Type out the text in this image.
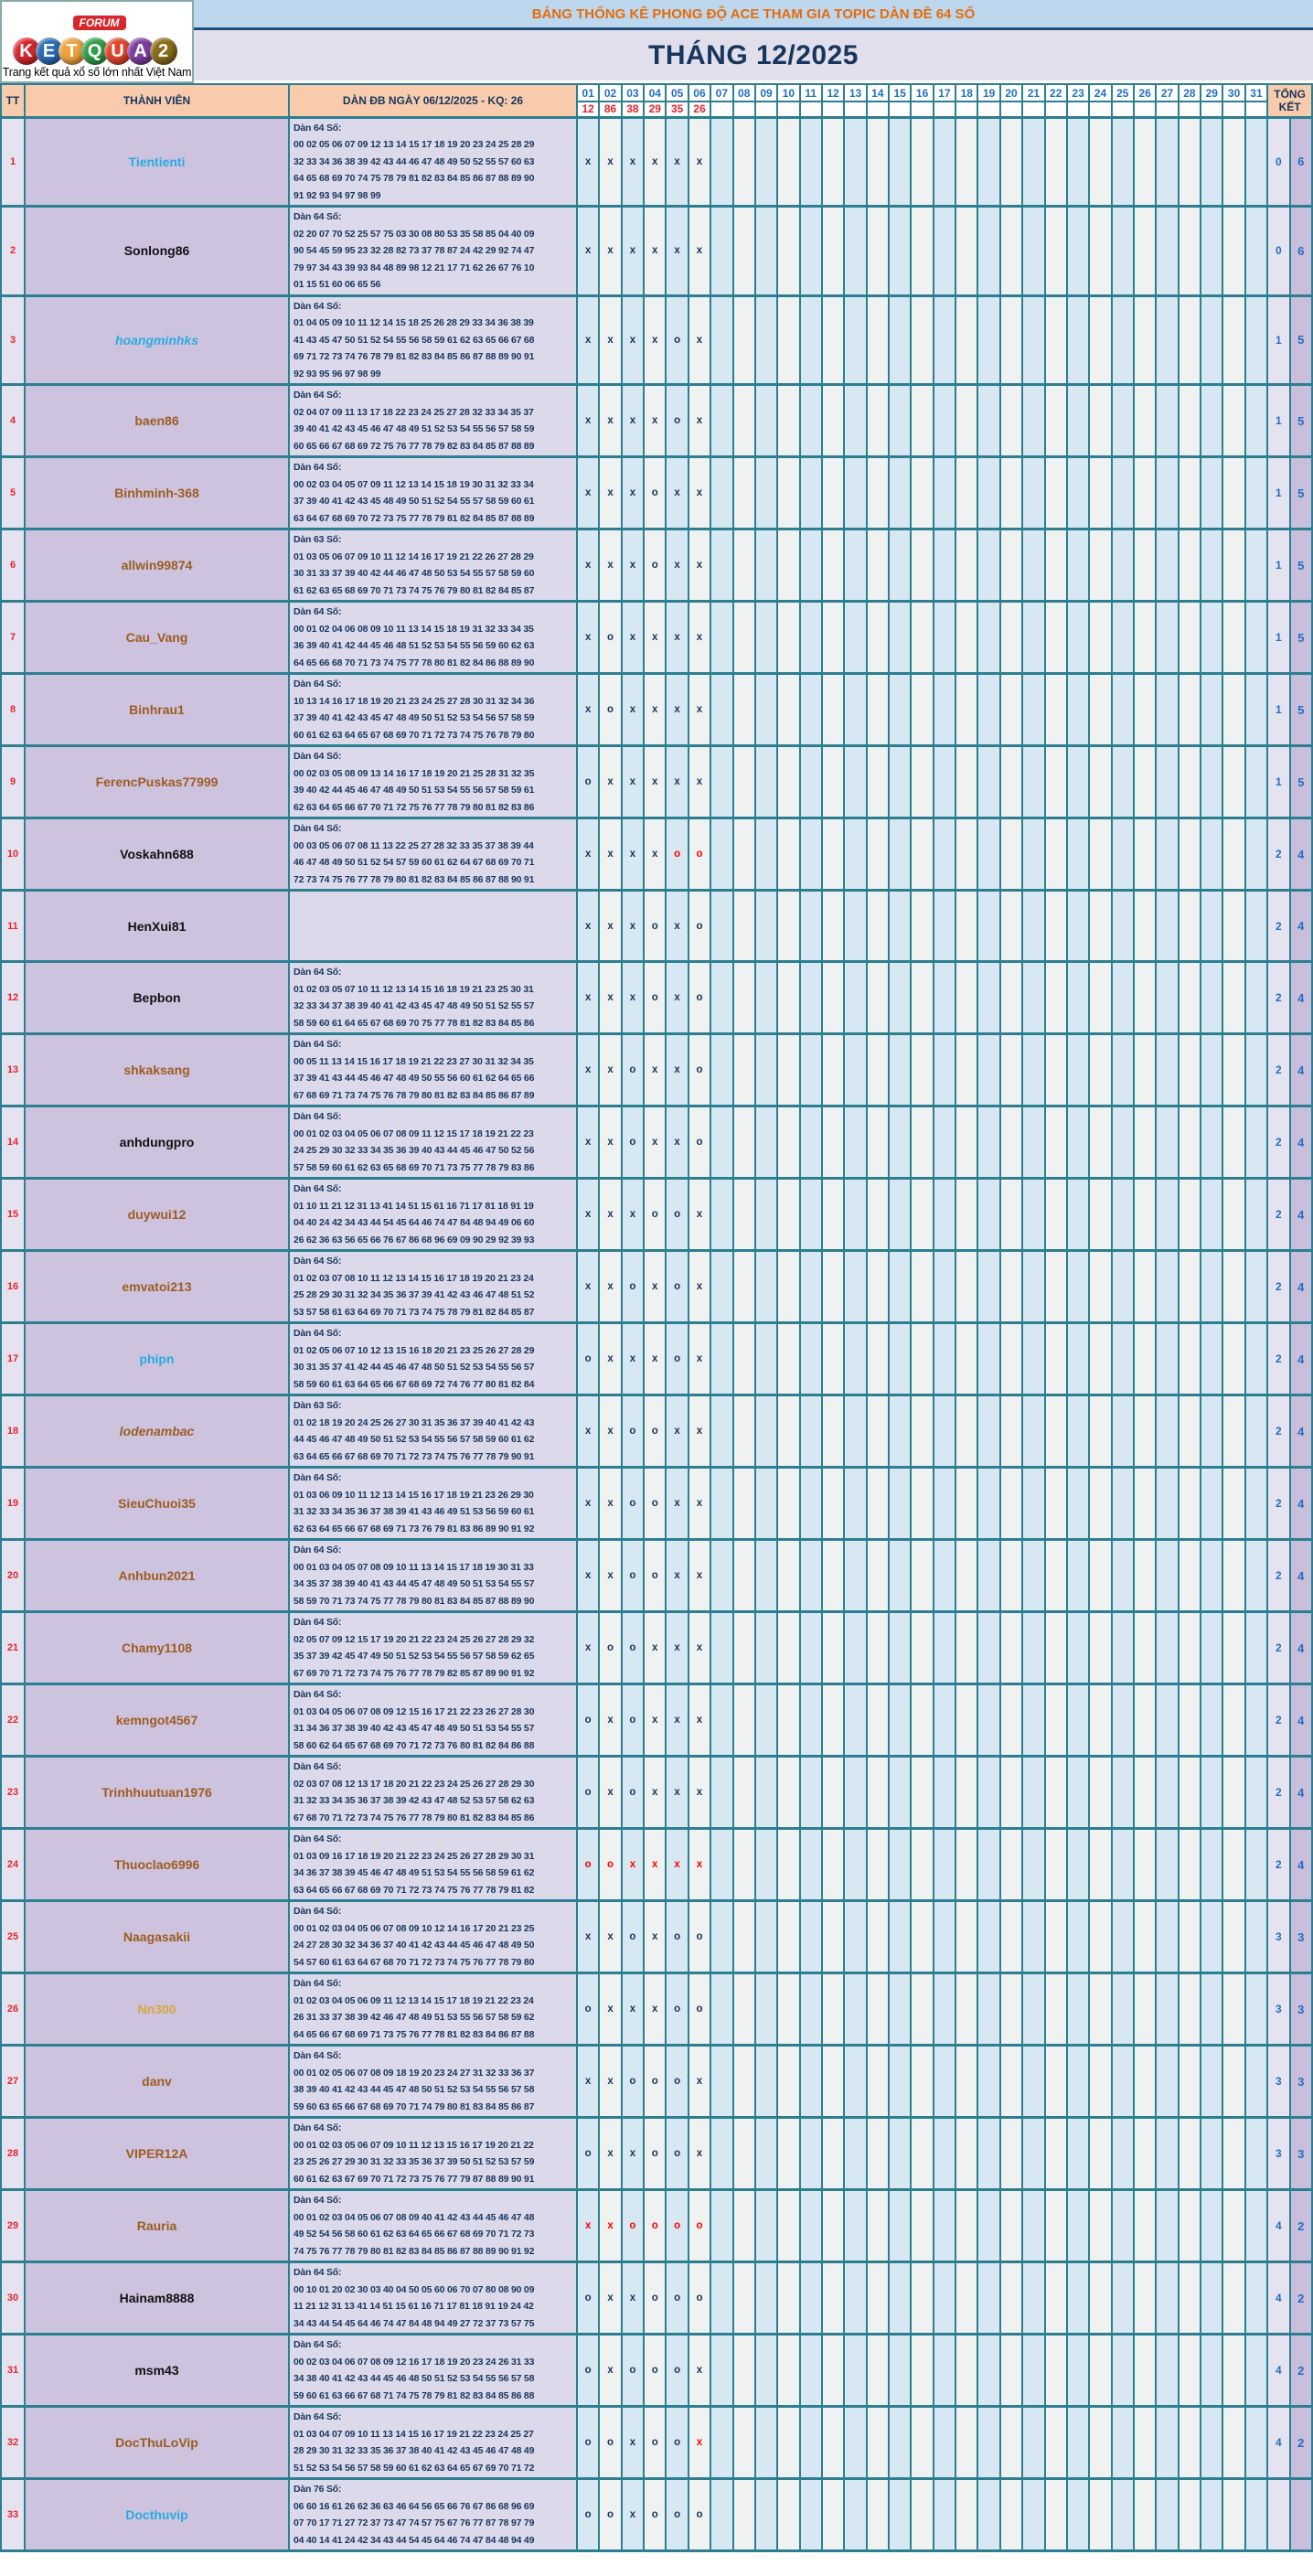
FORUM
K E T Q U A 2
Trang kết quả xổ số lớn nhất Việt Nam
BẢNG THỐNG KÊ PHONG ĐỘ ACE THAM GIA TOPIC DÀN ĐỀ 64 SỐ
THÁNG 12/2025
TT	THÀNH VIÊN	DÀN ĐB NGÀY 06/12/2025 - KQ: 26	01	02	03	04	05	06	07	08	09	10	11	12	13	14	15	16	17	18	19	20	21	22	23	24	25	26	27	28	29	30	31	TỔNG KẾT	
			12	86	38	29	35	26																											
1	Tientienti	Dàn 64 Số:
00 02 05 06 07 09 12 13 14 15 17 18 19 20 23 24 25 28 29
32 33 34 36 38 39 42 43 44 46 47 48 49 50 52 55 57 60 63
64 65 68 69 70 74 75 78 79 81 82 83 84 85 86 87 88 89 90
91 92 93 94 97 98 99	x	x	x	x	x	x																										0	6
2	Sonlong86	Dàn 64 Số:
02 20 07 70 52 25 57 75 03 30 08 80 53 35 58 85 04 40 09
90 54 45 59 95 23 32 28 82 73 37 78 87 24 42 29 92 74 47
79 97 34 43 39 93 84 48 89 98 12 21 17 71 62 26 67 76 10
01 15 51 60 06 65 56	x	x	x	x	x	x																										0	6
3	hoangminhks	Dàn 64 Số:
01 04 05 09 10 11 12 14 15 18 25 26 28 29 33 34 36 38 39
41 43 45 47 50 51 52 54 55 56 58 59 61 62 63 65 66 67 68
69 71 72 73 74 76 78 79 81 82 83 84 85 86 87 88 89 90 91
92 93 95 96 97 98 99	x	x	x	x	o	x																										1	5
4	baen86	Dàn 64 Số:
02 04 07 09 11 13 17 18 22 23 24 25 27 28 32 33 34 35 37
39 40 41 42 43 45 46 47 48 49 51 52 53 54 55 56 57 58 59
60 65 66 67 68 69 72 75 76 77 78 79 82 83 84 85 87 88 89	x	x	x	x	o	x																										1	5
5	Binhminh-368	Dàn 64 Số:
00 02 03 04 05 07 09 11 12 13 14 15 18 19 30 31 32 33 34
37 39 40 41 42 43 45 48 49 50 51 52 54 55 57 58 59 60 61
63 64 67 68 69 70 72 73 75 77 78 79 81 82 84 85 87 88 89	x	x	x	o	x	x																										1	5
6	allwin99874	Dàn 63 Số:
01 03 05 06 07 09 10 11 12 14 16 17 19 21 22 26 27 28 29
30 31 33 37 39 40 42 44 46 47 48 50 53 54 55 57 58 59 60
61 62 63 65 68 69 70 71 73 74 75 76 79 80 81 82 84 85 87	x	x	x	o	x	x																										1	5
7	Cau_Vang	Dàn 64 Số:
00 01 02 04 06 08 09 10 11 13 14 15 18 19 31 32 33 34 35
36 39 40 41 42 44 45 46 48 51 52 53 54 55 56 59 60 62 63
64 65 66 68 70 71 73 74 75 77 78 80 81 82 84 86 88 89 90	x	o	x	x	x	x																										1	5
8	Binhrau1	Dàn 64 Số:
10 13 14 16 17 18 19 20 21 23 24 25 27 28 30 31 32 34 36
37 39 40 41 42 43 45 47 48 49 50 51 52 53 54 56 57 58 59
60 61 62 63 64 65 67 68 69 70 71 72 73 74 75 76 78 79 80	x	o	x	x	x	x																										1	5
9	FerencPuskas77999	Dàn 64 Số:
00 02 03 05 08 09 13 14 16 17 18 19 20 21 25 28 31 32 35
39 40 42 44 45 46 47 48 49 50 51 53 54 55 56 57 58 59 61
62 63 64 65 66 67 70 71 72 75 76 77 78 79 80 81 82 83 86	o	x	x	x	x	x																										1	5
10	Voskahn688	Dàn 64 Số:
00 03 05 06 07 08 11 13 22 25 27 28 32 33 35 37 38 39 44
46 47 48 49 50 51 52 54 57 59 60 61 62 64 67 68 69 70 71
72 73 74 75 76 77 78 79 80 81 82 83 84 85 86 87 88 90 91	x	x	x	x	o	o																										2	4
11	HenXui81		x	x	x	o	x	o																										2	4
12	Bepbon	Dàn 64 Số:
01 02 03 05 07 10 11 12 13 14 15 16 18 19 21 23 25 30 31
32 33 34 37 38 39 40 41 42 43 45 47 48 49 50 51 52 55 57
58 59 60 61 64 65 67 68 69 70 75 77 78 81 82 83 84 85 86	x	x	x	o	x	o																										2	4
13	shkaksang	Dàn 64 Số:
00 05 11 13 14 15 16 17 18 19 21 22 23 27 30 31 32 34 35
37 39 41 43 44 45 46 47 48 49 50 55 56 60 61 62 64 65 66
67 68 69 71 73 74 75 76 78 79 80 81 82 83 84 85 86 87 89	x	x	o	x	x	o																										2	4
14	anhdungpro	Dàn 64 Số:
00 01 02 03 04 05 06 07 08 09 11 12 15 17 18 19 21 22 23
24 25 29 30 32 33 34 35 36 39 40 43 44 45 46 47 50 52 56
57 58 59 60 61 62 63 65 68 69 70 71 73 75 77 78 79 83 86	x	x	o	x	x	o																										2	4
15	duywui12	Dàn 64 Số:
01 10 11 21 12 31 13 41 14 51 15 61 16 71 17 81 18 91 19
04 40 24 42 34 43 44 54 45 64 46 74 47 84 48 94 49 06 60
26 62 36 63 56 65 66 76 67 86 68 96 69 09 90 29 92 39 93	x	x	x	o	o	x																										2	4
16	emvatoi213	Dàn 64 Số:
01 02 03 07 08 10 11 12 13 14 15 16 17 18 19 20 21 23 24
25 28 29 30 31 32 34 35 36 37 39 41 42 43 46 47 48 51 52
53 57 58 61 63 64 69 70 71 73 74 75 78 79 81 82 84 85 87	x	x	o	x	o	x																										2	4
17	phipn	Dàn 64 Số:
01 02 05 06 07 10 12 13 15 16 18 20 21 23 25 26 27 28 29
30 31 35 37 41 42 44 45 46 47 48 50 51 52 53 54 55 56 57
58 59 60 61 63 64 65 66 67 68 69 72 74 76 77 80 81 82 84	o	x	x	x	o	x																										2	4
18	lodenambac	Dàn 63 Số:
01 02 18 19 20 24 25 26 27 30 31 35 36 37 39 40 41 42 43
44 45 46 47 48 49 50 51 52 53 54 55 56 57 58 59 60 61 62
63 64 65 66 67 68 69 70 71 72 73 74 75 76 77 78 79 90 91	x	x	o	o	x	x																										2	4
19	SieuChuoi35	Dàn 64 Số:
01 03 06 09 10 11 12 13 14 15 16 17 18 19 21 23 26 29 30
31 32 33 34 35 36 37 38 39 41 43 46 49 51 53 56 59 60 61
62 63 64 65 66 67 68 69 71 73 76 79 81 83 86 89 90 91 92	x	x	o	o	x	x																										2	4
20	Anhbun2021	Dàn 64 Số:
00 01 03 04 05 07 08 09 10 11 13 14 15 17 18 19 30 31 33
34 35 37 38 39 40 41 43 44 45 47 48 49 50 51 53 54 55 57
58 59 70 71 73 74 75 77 78 79 80 81 83 84 85 87 88 89 90	x	x	o	o	x	x																										2	4
21	Chamy1108	Dàn 64 Số:
02 05 07 09 12 15 17 19 20 21 22 23 24 25 26 27 28 29 32
35 37 39 42 45 47 49 50 51 52 53 54 55 56 57 58 59 62 65
67 69 70 71 72 73 74 75 76 77 78 79 82 85 87 89 90 91 92	x	o	o	x	x	x																										2	4
22	kemngot4567	Dàn 64 Số:
01 03 04 05 06 07 08 09 12 15 16 17 21 22 23 26 27 28 30
31 34 36 37 38 39 40 42 43 45 47 48 49 50 51 53 54 55 57
58 60 62 64 65 67 68 69 70 71 72 73 76 80 81 82 84 86 88	o	x	o	x	x	x																										2	4
23	Trinhhuutuan1976	Dàn 64 Số:
02 03 07 08 12 13 17 18 20 21 22 23 24 25 26 27 28 29 30
31 32 33 34 35 36 37 38 39 42 43 47 48 52 53 57 58 62 63
67 68 70 71 72 73 74 75 76 77 78 79 80 81 82 83 84 85 86	o	x	o	x	x	x																										2	4
24	Thuoclao6996	Dàn 64 Số:
01 03 09 16 17 18 19 20 21 22 23 24 25 26 27 28 29 30 31
34 36 37 38 39 45 46 47 48 49 51 53 54 55 56 58 59 61 62
63 64 65 66 67 68 69 70 71 72 73 74 75 76 77 78 79 81 82	o	o	x	x	x	x																										2	4
25	Naagasakii	Dàn 64 Số:
00 01 02 03 04 05 06 07 08 09 10 12 14 16 17 20 21 23 25
24 27 28 30 32 34 36 37 40 41 42 43 44 45 46 47 48 49 50
54 57 60 61 63 64 67 68 70 71 72 73 74 75 76 77 78 79 80	x	x	o	x	o	o																										3	3
26	Nn300	Dàn 64 Số:
01 02 03 04 05 06 09 11 12 13 14 15 17 18 19 21 22 23 24
26 31 33 37 38 39 42 46 47 48 49 51 53 55 56 57 58 59 62
64 65 66 67 68 69 71 73 75 76 77 78 81 82 83 84 86 87 88	o	x	x	x	o	o																										3	3
27	danv	Dàn 64 Số:
00 01 02 05 06 07 08 09 18 19 20 23 24 27 31 32 33 36 37
38 39 40 41 42 43 44 45 47 48 50 51 52 53 54 55 56 57 58
59 60 63 65 66 67 68 69 70 71 74 79 80 81 83 84 85 86 87	x	x	o	o	o	x																										3	3
28	VIPER12A	Dàn 64 Số:
00 01 02 03 05 06 07 09 10 11 12 13 15 16 17 19 20 21 22
23 25 26 27 29 30 31 32 33 35 36 37 39 50 51 52 53 57 59
60 61 62 63 67 69 70 71 72 73 75 76 77 79 87 88 89 90 91	o	x	x	o	o	x																										3	3
29	Rauria	Dàn 64 Số:
00 01 02 03 04 05 06 07 08 09 40 41 42 43 44 45 46 47 48
49 52 54 56 58 60 61 62 63 64 65 66 67 68 69 70 71 72 73
74 75 76 77 78 79 80 81 82 83 84 85 86 87 88 89 90 91 92	x	x	o	o	o	o																										4	2
30	Hainam8888	Dàn 64 Số:
00 10 01 20 02 30 03 40 04 50 05 60 06 70 07 80 08 90 09
11 21 12 31 13 41 14 51 15 61 16 71 17 81 18 91 19 24 42
34 43 44 54 45 64 46 74 47 84 48 94 49 27 72 37 73 57 75	o	x	x	o	o	o																										4	2
31	msm43	Dàn 64 Số:
00 02 03 04 06 07 08 09 12 16 17 18 19 20 23 24 26 31 33
34 38 40 41 42 43 44 45 46 48 50 51 52 53 54 55 56 57 58
59 60 61 63 66 67 68 71 74 75 78 79 81 82 83 84 85 86 88	o	x	o	o	o	x																										4	2
32	DocThuLoVip	Dàn 64 Số:
01 03 04 07 09 10 11 13 14 15 16 17 19 21 22 23 24 25 27
28 29 30 31 32 33 35 36 37 38 40 41 42 43 45 46 47 48 49
51 52 53 54 56 57 58 59 60 61 62 63 64 65 67 69 70 71 72	o	o	x	o	o	x																										4	2
33	Docthuvip	Dàn 76 Số:
06 60 16 61 26 62 36 63 46 64 56 65 66 76 67 86 68 96 69
07 70 17 71 27 72 37 73 47 74 57 75 67 76 77 87 78 97 79
04 40 14 41 24 42 34 43 44 54 45 64 46 74 47 84 48 94 49	o	o	x	o	o	o																											
